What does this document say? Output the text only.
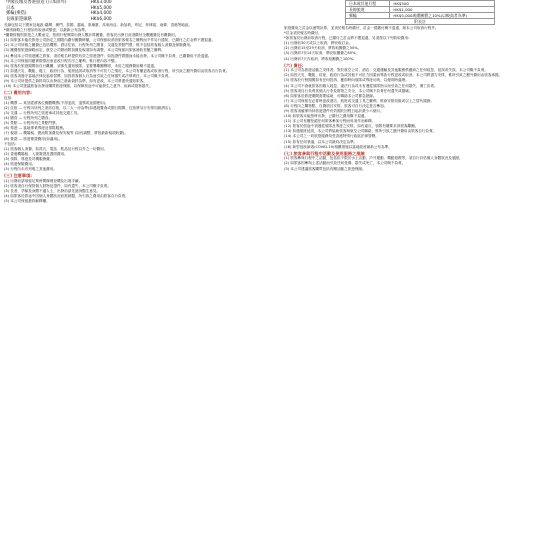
中國長城及香港旅遊 (日本除外)	HK$3,000
日本	HK$5,000
郵輪(乘搭)	HK$4,000
長線旅遊線路	HK$6,000

長線包括以下國家及地區:臺灣、澳門、泰國、越南、柬埔寨、馬來西亞、新加坡、印尼、菲律賓、南韓、香港等地區。

*個別線路之行程如有取消或變更，以最新公布為準。

*團費按個別旅遊之人數而定，按照行程實際出發人數計算團費，旅客於出發日前須繳付全數團費及有關費用。

(1) 如旅客未能於旅遊公司指定之期限內繳付團費餘額，公司保留取消該旅客報名之權利而不作另行通知，已繳付之訂金將不獲退還。

(2) 本公司所報之團費已包括機票、酒店住宿、行程所列之膳食、交通及景點門票，惟不包括旅客個人消費及保險費用。

(3) 團費按旅遊線路而定，航空公司燃油附加費及稅項如有調整，本公司保留向旅客補收差額之權利。

(4) 參加本公司旅遊團之旅客，須於報名時提供有效之旅遊證件；如因證件問題而未能出發，本公司概不負責，已繳費用不設退還。

(5) 本公司保留因應實際情況而更改行程次序之權利，惟行程內容不變。

(6) 旅客於旅遊期間如自行離團，須事先通知領隊，並簽署離團聲明，未用之服務費用概不退還。

(7) 如遇天災、戰亂、罷工、政府行為、航班延誤或取消等不可抗力之情況，本公司有權更改或取消行程，所引致之額外費用由旅客自行負責。

(8) 旅客須遵守當地法律及風俗習慣，如因旅客個人行為而引致之任何損失或法律責任，本公司概不負責。

(9) 本公司所提供之資料均以出發前之最新資料為準，如有更改，本公司將盡快通知旅客。

(10) 本公司建議旅客出發前購買旅遊保險，以保障旅途中可能發生之意外、疾病或財物損失。

(二) 費用內容:

包括:

(1) 機票 — 來回經濟客位團體機票(不得更改、退票或延期使用)。

(2) 住宿 — 行程內所列之酒店住宿，以二人一房為準(如遇展覽會或節日期間，住宿將另行安排同級酒店)。

(3) 交通 — 行程所列之旅遊車或其他交通工具。

(4) 膳食 — 行程所列之膳食。

(5) 景點 — 行程所列之景點門票。

(6) 導遊 — 當地專業導遊及領隊服務。

(7) 稅項 — 機場稅、燃油附加費及保安稅等 (如有調整，將按最新稅項收費)。

(8) 簽證 — 旅遊簽證費用(如適用)。

不包括:

(1) 旅客個人消費，如洗衣、電話、飲品及行程以外之一切費用。

(2) 香港機場稅、入境簽證及護照費用。

(3) 領隊、導遊及司機服務費。

(4) 旅遊保險費用。

(5) 行程內未有列明之其他費用。

(三) 注意事項:

(1) 出發前請預留足夠時間辦理登機及出境手續。

(2) 旅客須自行保管個人財物及證件，如有遺失，本公司概不負責。

(3) 長者、孕婦及身體不適人士，出發前請先諮詢醫生意見。

(4) 如旅客於旅途中因個人身體狀況而需就醫，所引致之費用由旅客自行負責。

(5) 本公司保留最終解釋權。

日本或其他行程	HK$500
長線旅遊	HK$1,000
郵輪	HK$5,000或總團費之10%(以較高者為準)
附表註	

旅遊費用之訂金以港幣計算，並須於報名時繳付，訂金一經繳付概不退還，除本公司取消行程外。

*訂金須於報名時繳付。

*如旅客於出發前取消行程，已繳付之訂金將不獲退還，另須按以下列收取費用:

(1) 出發前30天或以上取消，將收取訂金。

(2) 出發前15至29天取消，將收取團費之50%。

(3) 出發前7至14天取消，將收取團費之80%。

(4) 出發前7天內取消，將收取團費之100%。

(六) 責任:

(1) 本公司為旅遊活動之安排者，對於航空公司、酒店、交通運輸及其他服務供應商之任何疏忽、延誤或失誤，本公司概不負責。

(2) 如因天災、戰亂、疫症、政府行為或其他不可抗力因素而導致行程更改或取消，本公司將盡力安排，惟所引致之額外費用由旅客承擔。

(3) 旅客於行程期間如有任何投訴，應即時向領隊或導遊反映，以便即時處理。

(4) 本公司不會就旅客因個人疏忽、違法行為或未有遵從領隊指示而引致之任何損失、傷亡負責。

(5) 旅客須自行負責其個人行李及財物之安全，本公司概不負責任何遺失或損壞。

(6) 如旅客於旅遊期間需要協助，可聯絡本公司緊急熱線。

(7) 本公司保留在必要時更改酒店、航班或交通工具之權利，惟會安排同級或以上之替代服務。

(8) 行程內之購物點、自費項目安排，旅客可自行決定是否參加。

(9) 旅客須確保所持旅遊證件有效期於回程日起計最少六個月。

(10) 如旅客未能按時出發，已繳付之費用概不退還。

(11) 本公司有權拒絕任何旅客參加行程而毋須作出解釋。

(12) 旅客於旅途中須遵從領隊及導遊之安排，如有違反，領隊有權要求該旅客離團。

(13) 如遇航班延誤，本公司將協助旅客與航空公司聯絡，惟所引致之額外費用由旅客自行負責。

(14) 本公司之一切旅遊服務均受香港特別行政區法律管轄。

(15) 如有任何爭議，以本公司最終決定為準。

(16) 新型冠狀病毒(COVID-19)相關措施以當地政府最新公布為準。

(七) 旅客參與行程中活動及使用服務之風險

(1) 旅客參與行程中之活動，包括但不限於水上活動、戶外運動、機動遊戲等，須自行評估個人身體狀況及風險。

(2) 如旅客因參與上述活動而引致任何受傷、損失或死亡，本公司概不負責。

(3) 本公司建議旅客購買包括有關活動之旅遊保險。
